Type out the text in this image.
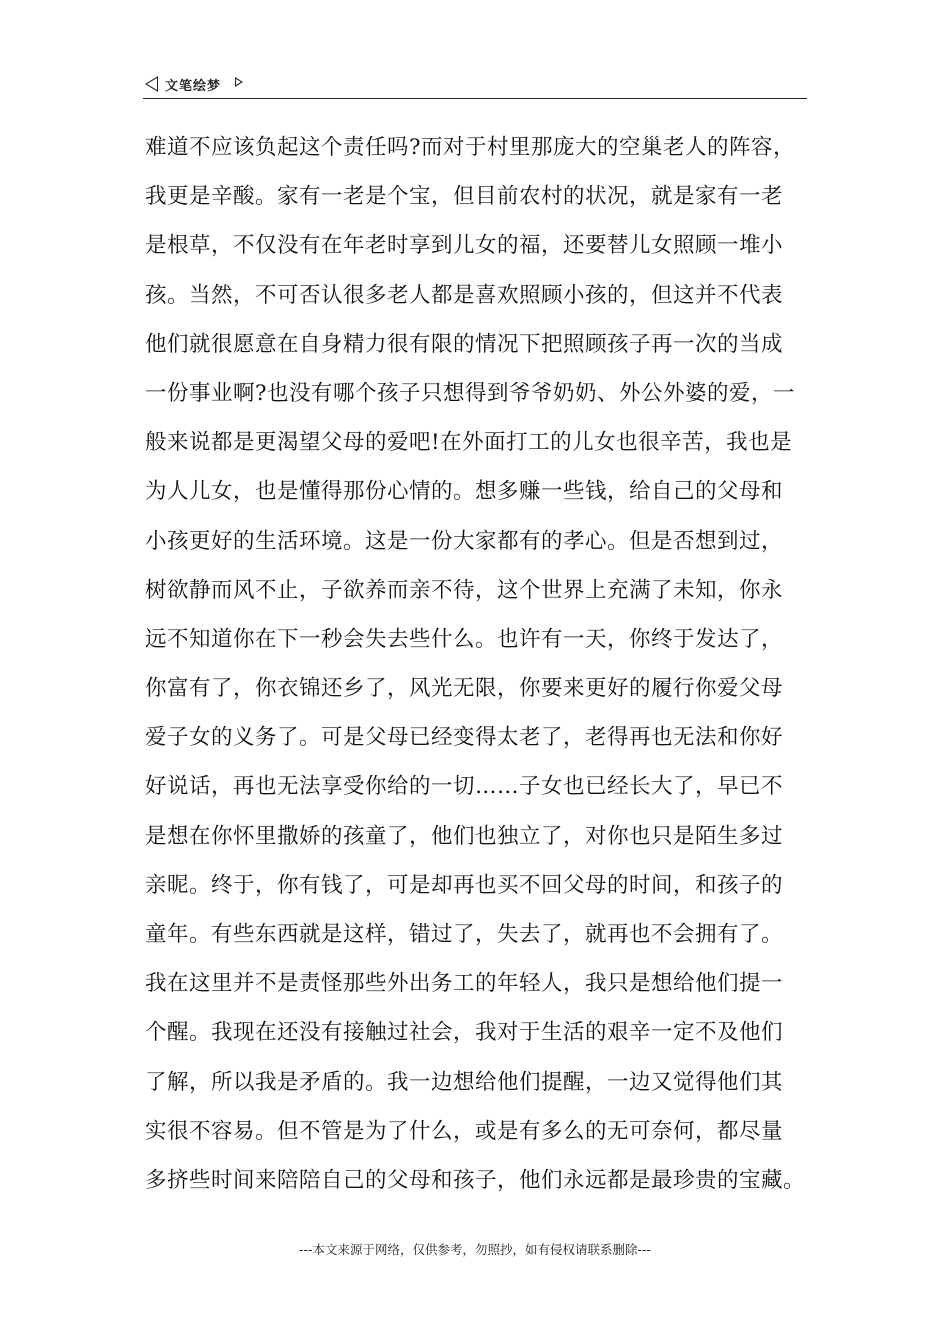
文笔绘梦
难道不应该负起这个责任吗?而对于村里那庞大的空巢老人的阵容，
我更是辛酸。家有一老是个宝，但目前农村的状况，就是家有一老
是根草，不仅没有在年老时享到儿女的福，还要替儿女照顾一堆小
孩。当然，不可否认很多老人都是喜欢照顾小孩的，但这并不代表
他们就很愿意在自身精力很有限的情况下把照顾孩子再一次的当成
一份事业啊?也没有哪个孩子只想得到爷爷奶奶、外公外婆的爱，一
般来说都是更渴望父母的爱吧!在外面打工的儿女也很辛苦，我也是
为人儿女，也是懂得那份心情的。想多赚一些钱，给自己的父母和
小孩更好的生活环境。这是一份大家都有的孝心。但是否想到过，
树欲静而风不止，子欲养而亲不待，这个世界上充满了未知，你永
远不知道你在下一秒会失去些什么。也许有一天，你终于发达了，
你富有了，你衣锦还乡了，风光无限，你要来更好的履行你爱父母
爱子女的义务了。可是父母已经变得太老了，老得再也无法和你好
好说话，再也无法享受你给的一切……子女也已经长大了，早已不
是想在你怀里撒娇的孩童了，他们也独立了，对你也只是陌生多过
亲昵。终于，你有钱了，可是却再也买不回父母的时间，和孩子的
童年。有些东西就是这样，错过了，失去了，就再也不会拥有了。
我在这里并不是责怪那些外出务工的年轻人，我只是想给他们提一
个醒。我现在还没有接触过社会，我对于生活的艰辛一定不及他们
了解，所以我是矛盾的。我一边想给他们提醒，一边又觉得他们其
实很不容易。但不管是为了什么，或是有多么的无可奈何，都尽量
多挤些时间来陪陪自己的父母和孩子，他们永远都是最珍贵的宝藏。
---本文来源于网络，仅供参考，勿照抄，如有侵权请联系删除---
